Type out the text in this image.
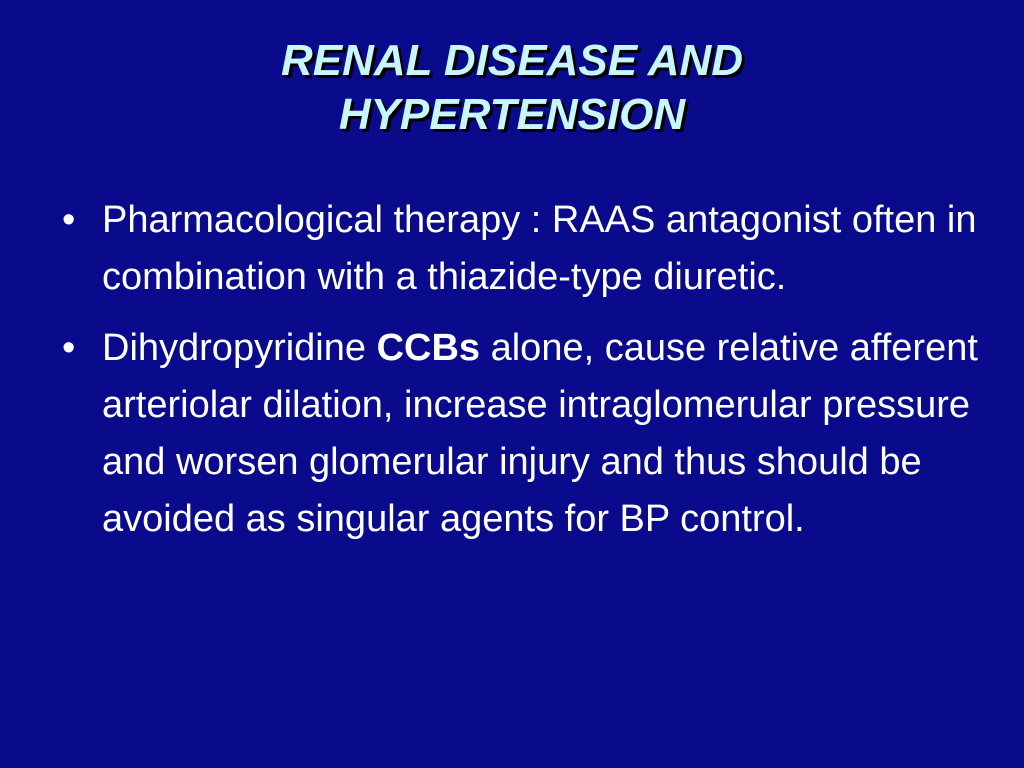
RENAL DISEASE AND
HYPERTENSION
• Pharmacological therapy : RAAS antagonist often in combination with a thiazide-type diuretic.
• Dihydropyridine CCBs alone, cause relative afferent arteriolar dilation, increase intraglomerular pressure and worsen glomerular injury and thus should be avoided as singular agents for BP control.
